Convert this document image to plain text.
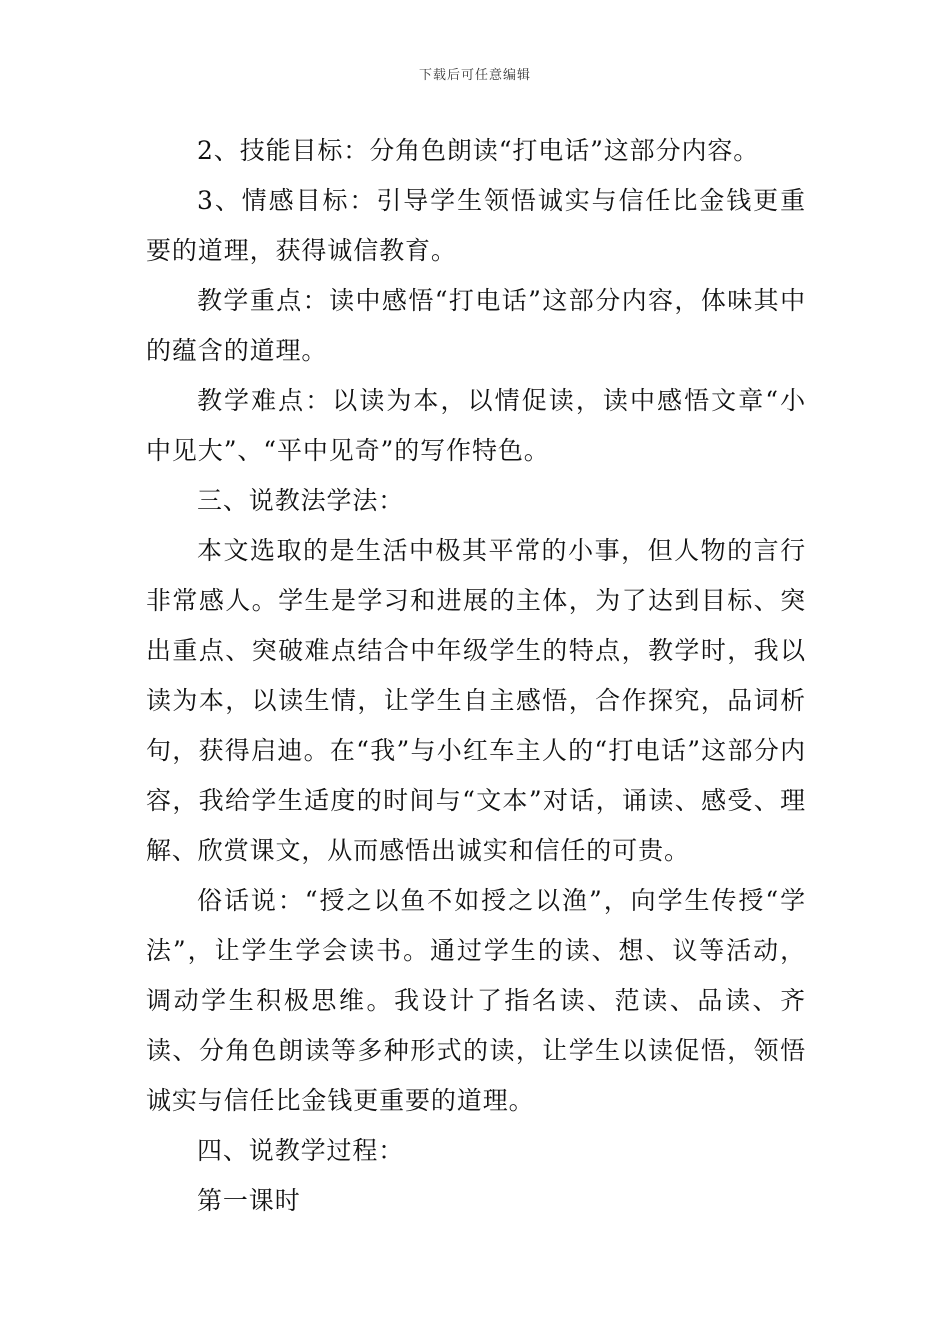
下载后可任意编辑

2、技能目标：分角色朗读“打电话”这部分内容。

3、情感目标：引导学生领悟诚实与信任比金钱更重要的道理，获得诚信教育。

教学重点：读中感悟“打电话”这部分内容，体味其中的蕴含的道理。

教学难点：以读为本，以情促读，读中感悟文章“小中见大”、“平中见奇”的写作特色。

三、说教法学法：

本文选取的是生活中极其平常的小事，但人物的言行非常感人。学生是学习和进展的主体，为了达到目标、突出重点、突破难点结合中年级学生的特点，教学时，我以读为本，以读生情，让学生自主感悟，合作探究，品词析句，获得启迪。在“我”与小红车主人的“打电话”这部分内容，我给学生适度的时间与“文本”对话，诵读、感受、理解、欣赏课文，从而感悟出诚实和信任的可贵。

俗话说：“授之以鱼不如授之以渔”，向学生传授“学法”，让学生学会读书。通过学生的读、想、议等活动，调动学生积极思维。我设计了指名读、范读、品读、齐读、分角色朗读等多种形式的读，让学生以读促悟，领悟诚实与信任比金钱更重要的道理。

四、说教学过程：

第一课时
